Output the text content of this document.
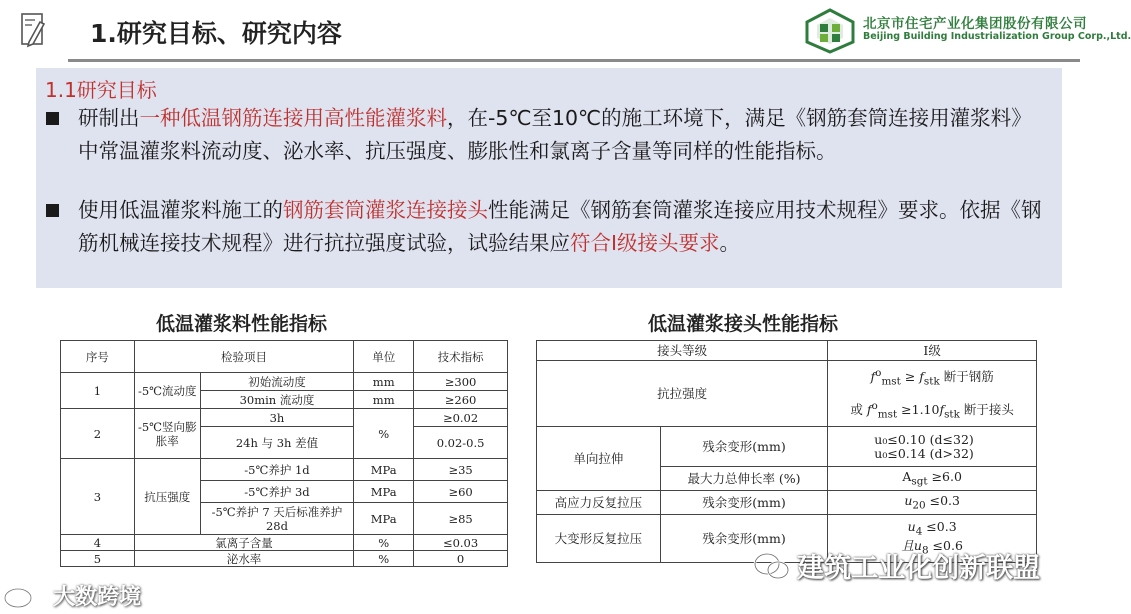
1.研究目标、研究内容	北京市住宅产业化集团股份有限公司
Beijing Building Industrialization Group Corp.,Ltd.
1.1研究目标
研制出一种低温钢筋连接用高性能灌浆料，在-5℃至10℃的施工环境下，满足《钢筋套筒连接用灌浆料》中常温灌浆料流动度、泌水率、抗压强度、膨胀性和氯离子含量等同样的性能指标。
使用低温灌浆料施工的钢筋套筒灌浆连接接头性能满足《钢筋套筒灌浆连接应用技术规程》要求。依据《钢筋机械连接技术规程》进行抗拉强度试验，试验结果应符合Ⅰ级接头要求。
低温灌浆料性能指标	低温灌浆接头性能指标
序号	检验项目		单位	技术指标
1	-5℃流动度	初始流动度	mm	≥300
		30min 流动度	mm	≥260
2	-5℃竖向膨胀率	3h	%	≥0.02
		24h 与 3h 差值		0.02-0.5
3	抗压强度	-5℃养护 1d	MPa	≥35
		-5℃养护 3d	MPa	≥60
		-5℃养护 7 天后标准养护 28d	MPa	≥85
4	氯离子含量		%	≤0.03
5	泌水率		%	0
接头等级		Ⅰ级
抗拉强度		$f^o_{mst} \ge f_{stk}$ 断于钢筋
或 $f^o_{mst} \ge 1.10f_{stk}$ 断于接头
单向拉伸	残余变形(mm)	u₀≤0.10 (d≤32)
u₀≤0.14 (d>32)
	最大力总伸长率 (%)	$A_{sgt} \ge 6.0$
高应力反复拉压	残余变形(mm)	$u_{20} \le 0.3$
大变形反复拉压	残余变形(mm)	$u_4 \le 0.3$
且$u_8 \le 0.6$
建筑工业化创新联盟
大数跨境
